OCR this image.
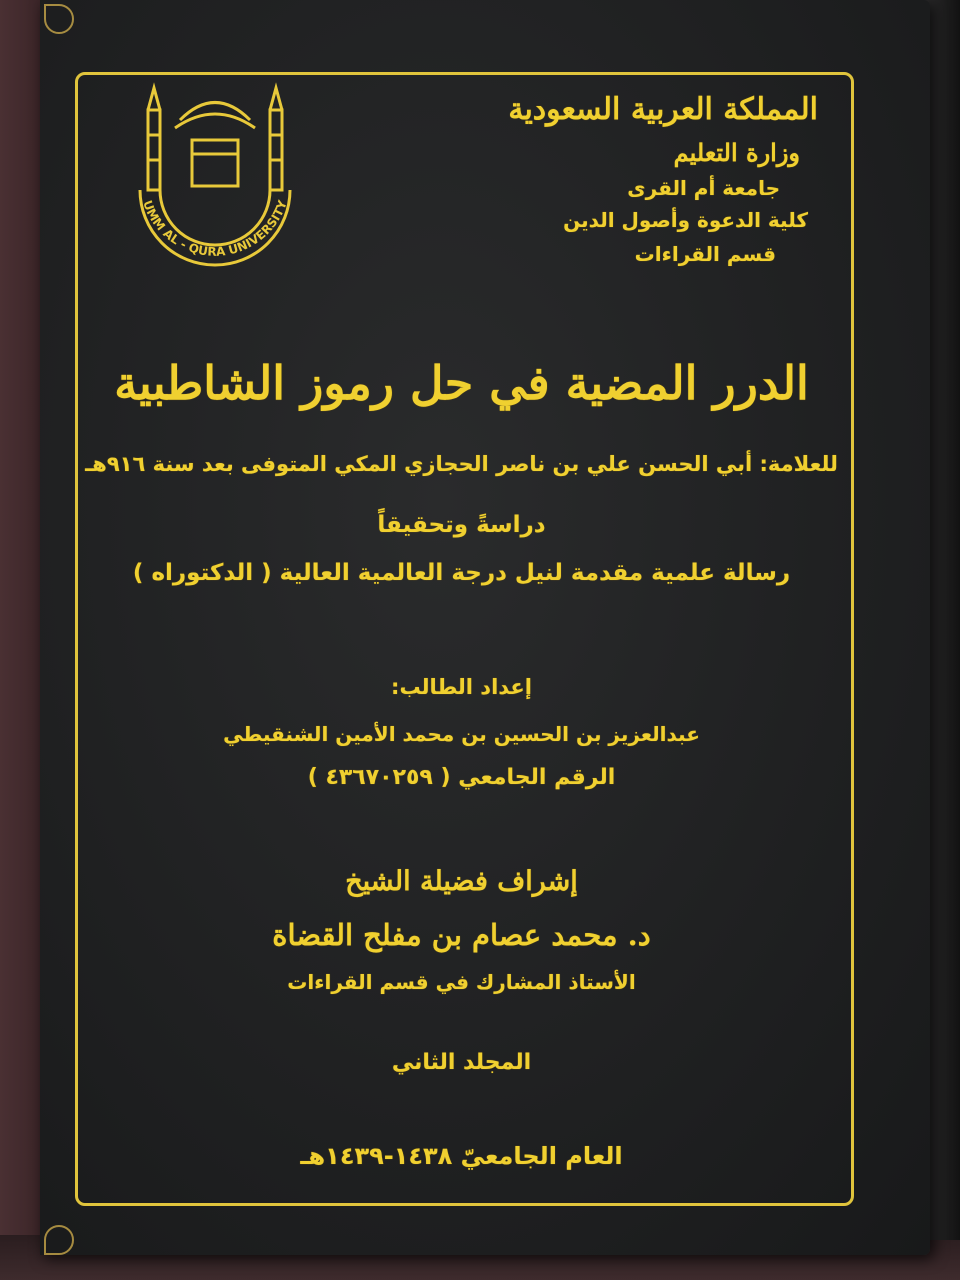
UMM AL - QURA UNIVERSITY
المملكة العربية السعودية
وزارة التعليم
جامعة أم القرى
كلية الدعوة وأصول الدين
قسم القراءات
الدرر المضية في حل رموز الشاطبية
للعلامة: أبي الحسن علي بن ناصر الحجازي المكي المتوفى بعد سنة ٩١٦هـ
دراسةً وتحقيقاً
رسالة علمية مقدمة لنيل درجة العالمية العالية ( الدكتوراه )
إعداد الطالب:
عبدالعزيز بن الحسين بن محمد الأمين الشنقيطي
الرقم الجامعي ( ٤٣٦٧٠٢٥٩ )
إشراف فضيلة الشيخ
د. محمد عصام بن مفلح القضاة
الأستاذ المشارك في قسم القراءات
المجلد الثاني
العام الجامعيّ ١٤٣٨-١٤٣٩هـ
